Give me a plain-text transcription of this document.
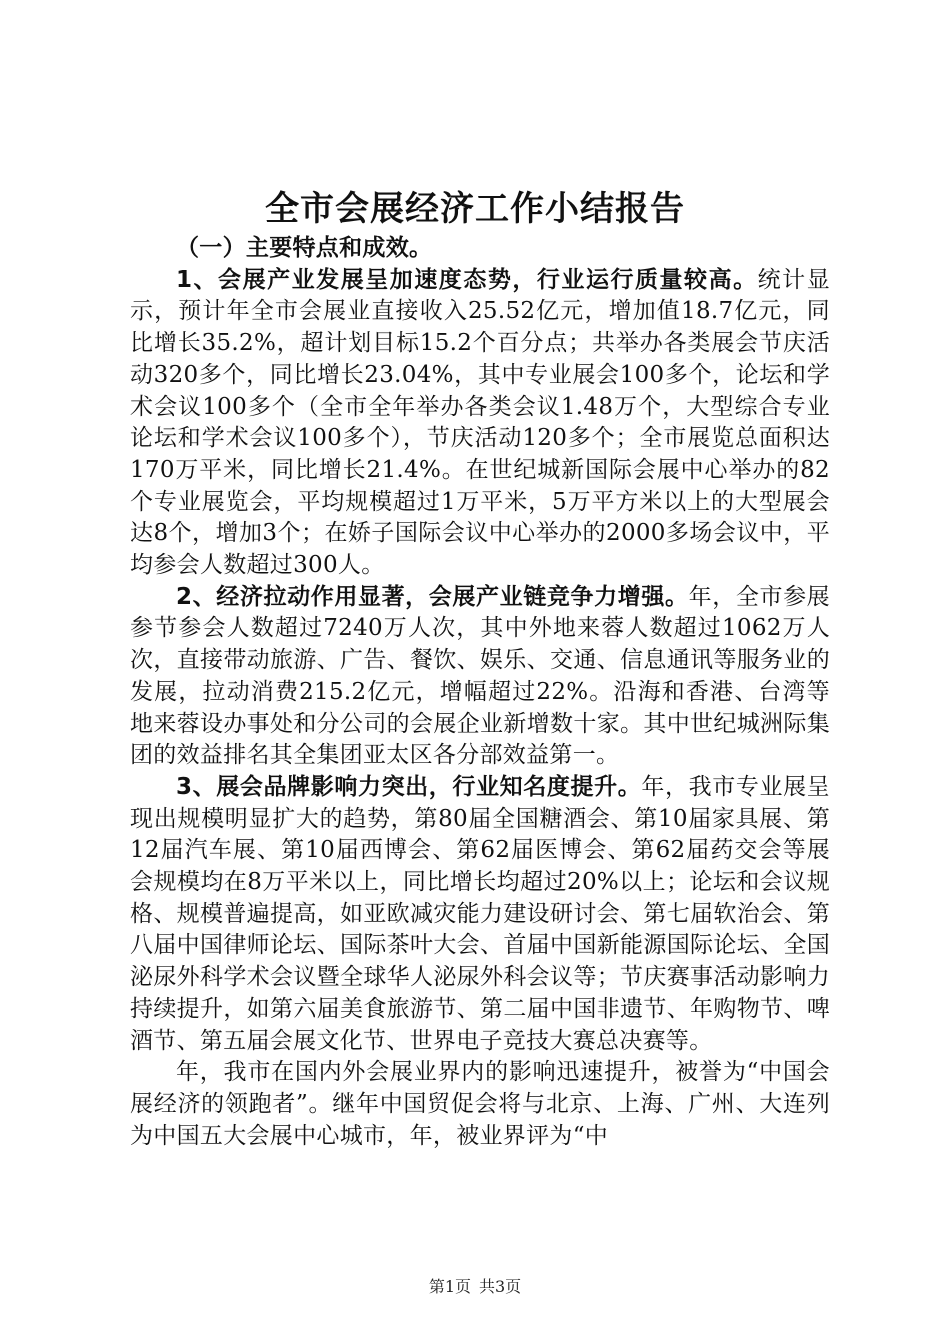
全市会展经济工作小结报告

（一）主要特点和成效。

1、会展产业发展呈加速度态势，行业运行质量较高。统计显示，预计年全市会展业直接收入25.52亿元，增加值18.7亿元，同比增长35.2%，超计划目标15.2个百分点；共举办各类展会节庆活动320多个，同比增长23.04%，其中专业展会100多个，论坛和学术会议100多个（全市全年举办各类会议1.48万个，大型综合专业论坛和学术会议100多个），节庆活动120多个；全市展览总面积达170万平米，同比增长21.4%。在世纪城新国际会展中心举办的82个专业展览会，平均规模超过1万平米，5万平方米以上的大型展会达8个，增加3个；在娇子国际会议中心举办的2000多场会议中，平均参会人数超过300人。

2、经济拉动作用显著，会展产业链竞争力增强。年，全市参展参节参会人数超过7240万人次，其中外地来蓉人数超过1062万人次，直接带动旅游、广告、餐饮、娱乐、交通、信息通讯等服务业的发展，拉动消费215.2亿元，增幅超过22%。沿海和香港、台湾等地来蓉设办事处和分公司的会展企业新增数十家。其中世纪城洲际集团的效益排名其全集团亚太区各分部效益第一。

3、展会品牌影响力突出，行业知名度提升。年，我市专业展呈现出规模明显扩大的趋势，第80届全国糖酒会、第10届家具展、第12届汽车展、第10届西博会、第62届医博会、第62届药交会等展会规模均在8万平米以上，同比增长均超过20%以上；论坛和会议规格、规模普遍提高，如亚欧减灾能力建设研讨会、第七届软治会、第八届中国律师论坛、国际茶叶大会、首届中国新能源国际论坛、全国泌尿外科学术会议暨全球华人泌尿外科会议等；节庆赛事活动影响力持续提升，如第六届美食旅游节、第二届中国非遗节、年购物节、啤酒节、第五届会展文化节、世界电子竞技大赛总决赛等。

年，我市在国内外会展业界内的影响迅速提升，被誉为“中国会展经济的领跑者”。继年中国贸促会将与北京、上海、广州、大连列为中国五大会展中心城市，年，被业界评为“中

第1页 共3页
